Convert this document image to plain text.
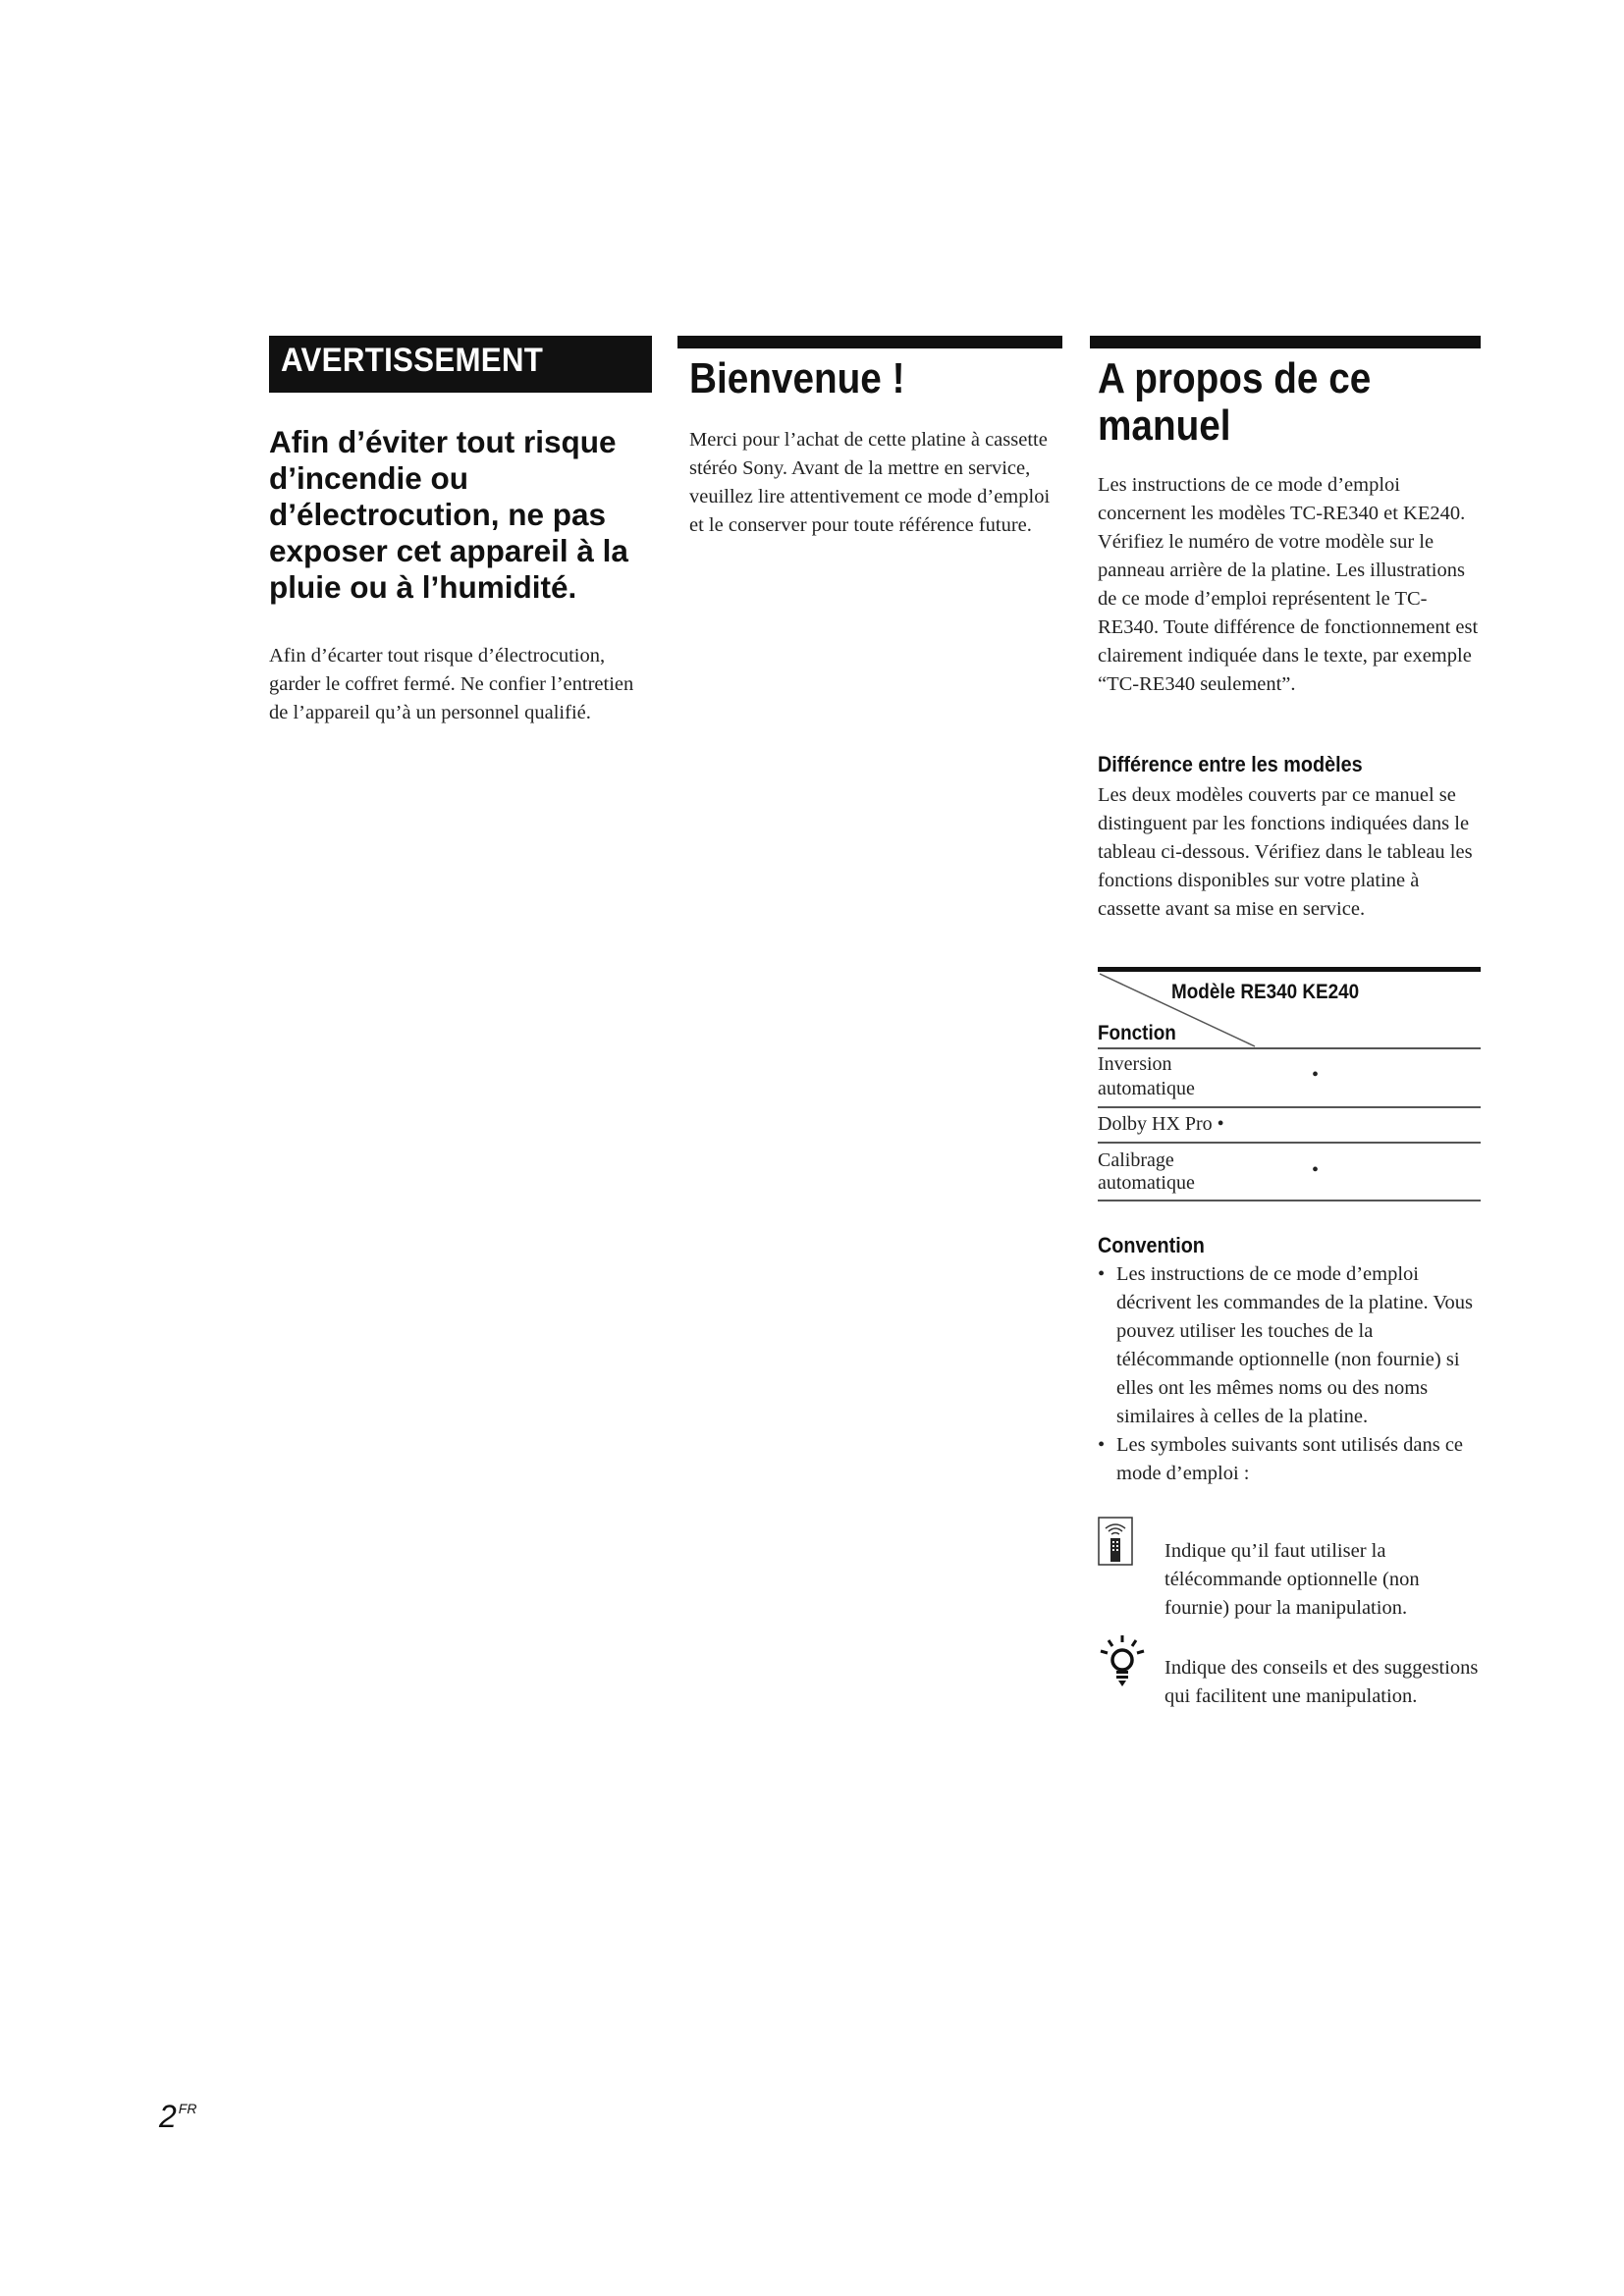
AVERTISSEMENT
Afin d’éviter tout risque d’incendie ou d’électrocution, ne pas exposer cet appareil à la pluie ou à l’humidité.

Afin d’écarter tout risque d’électrocution, garder le coffret fermé. Ne confier l’entretien de l’appareil qu’à un personnel qualifié.

Bienvenue !

Merci pour l’achat de cette platine à cassette stéréo Sony. Avant de la mettre en service, veuillez lire attentivement ce mode d’emploi et le conserver pour toute référence future.

A propos de ce
manuel

Les instructions de ce mode d’emploi concernent les modèles TC-RE340 et KE240. Vérifiez le numéro de votre modèle sur le panneau arrière de la platine. Les illustrations de ce mode d’emploi représentent le TC-RE340. Toute différence de fonctionnement est clairement indiquée dans le texte, par exemple “TC-RE340 seulement”.

Différence entre les modèles

Les deux modèles couverts par ce manuel se distinguent par les fonctions indiquées dans le tableau ci-dessous. Vérifiez dans le tableau les fonctions disponibles sur votre platine à cassette avant sa mise en service.

Modèle RE340 KE240
Fonction
Inversion
automatique
•
Dolby HX Pro •
Calibrage
automatique
•
Convention
• Les instructions de ce mode d’emploi décrivent les commandes de la platine. Vous pouvez utiliser les touches de la télécommande optionnelle (non fournie) si elles ont les mêmes noms ou des noms similaires à celles de la platine.
• Les symboles suivants sont utilisés dans ce mode d’emploi :

Indique qu’il faut utiliser la télécommande optionnelle (non fournie) pour la manipulation.

Indique des conseils et des suggestions qui facilitent une manipulation.

2 $^{FR}$
